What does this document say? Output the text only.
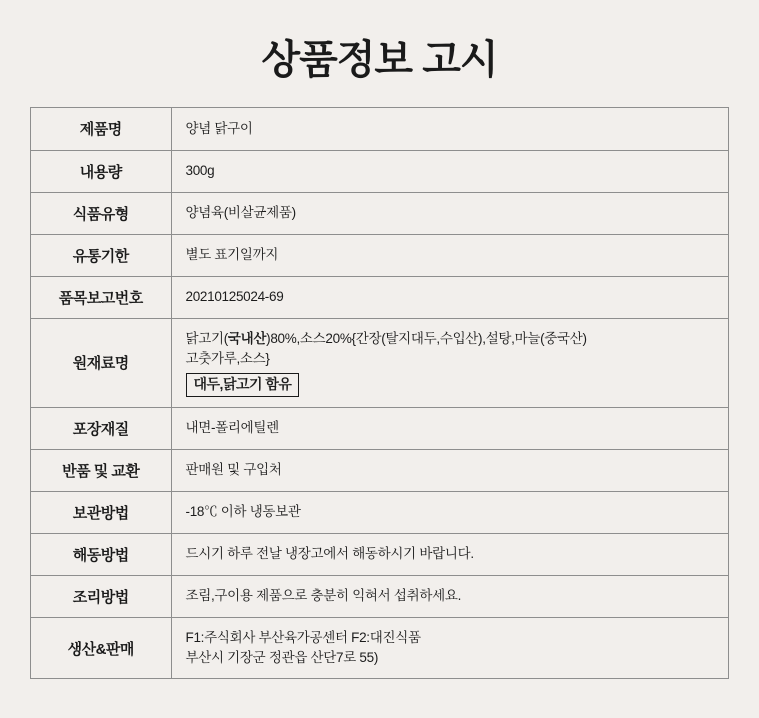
상품정보 고시
제품명	양념 닭구이
내용량	300g
식품유형	양념육(비살균제품)
유통기한	별도 표기일까지
품목보고번호	20210125024-69
원재료명	닭고기(국내산)80%,소스20%{간장(탈지대두,수입산),설탕,마늘(중국산)
고춧가루,소스}
대두,닭고기 함유
포장재질	내면-폴리에틸렌
반품 및 교환	판매원 및 구입처
보관방법	-18℃ 이하 냉동보관
해동방법	드시기 하루 전날 냉장고에서 해동하시기 바랍니다.
조리방법	조림,구이용 제품으로 충분히 익혀서 섭취하세요.
생산&판매	F1:주식회사 부산육가공센터 F2:대진식품
부산시 기장군 정관읍 산단7로 55)
